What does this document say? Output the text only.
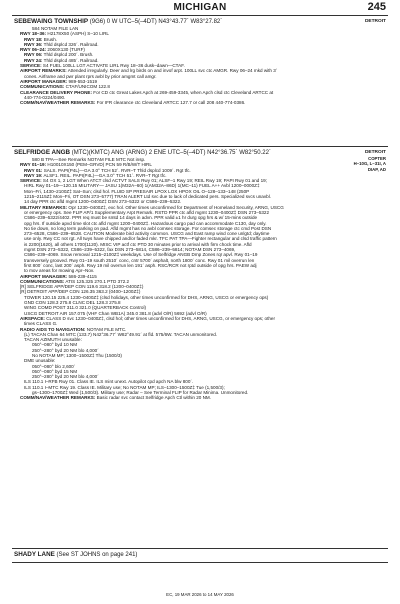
MICHIGAN	245
SEBEWAING TOWNSHIP (9G6) 0 W UTC–5(–4DT) N43°43.77´ W83°27.82´	DETROIT
584 NOTAM FILE LAN
RWY 18–36: H2178X50 (ASPH) S–10 LIRL
RWY 18: Brush.
RWY 36: Thld dsplcd 326´. Railroad.
RWY 06–24: 2060X130 (TURF)
RWY 06: Thld dsplcd 200´. Brush.
RWY 24: Thld dsplcd 485´. Railroad.
SERVICE: S4 FUEL 100LL LGT ACTIVATE LIRL Rwy 18–36 dusk–dawn—CTAF.
AIRPORT REMARKS: Attended irregularly. Deer and lrg birds on and invof arpt. 100LL svc ctc AMGR. Rwy 06–24 mkd with 3´
cones. Airframe and pwr plant rprs avbl by prior amgmt call amgr.
AIRPORT MANAGER: 989-553-1519
COMMUNICATIONS: CTAF/UNICOM 122.8
CLEARANCE DELIVERY PHONE: For CD ctc Great Lakes Apch at 269-459-3345, when Apch clsd ctc Cleveland ARTCC at
440-774-0224/0490.
COMM/NAV/WEATHER REMARKS: For IFR clearance ctc Cleveland ARTCC 127.7 or call 208 440-774-0386.
SELFRIDGE ANGB (MTC)(KMTC) ANG (ARNG) 2 ENE UTC–5(–4DT) N42°36.75´ W82°50.22´	DETROIT
COPTER
H–10G, L–31I, A
DIAP, AD
580 B TPA—See Remarks NOTAM FILE MTC Not insp.
RWY 01–19: H10010X150 (PEM–GRVD) PCN 59 R/B/W/T HIRL
RWY 01: SALS. PAPI(P4L)—GA 3.0° TCH 52´. RVR–T Thld dsplcd 1009´. Rgt tfc.
RWY 19: ALSF1. REIL. PAPI(P4L)—GA 3.0° TCH 51´. RVR–T Rgt tfc.
SERVICE: S4 OX 1, 2 LGT When ATCT clsd ACTVT SALS Rwy 01; ALSF–1 Rwy 19; REIL Rwy 19; PAPI Rwy 01 and 19;
HIRL Rwy 01–19—120.15 MILITARY— JASU 1(M32A–60) 1(AM32A–86D) 1(MC–11) FUEL A++ Avbl 1200–0000Z‡
Mon–Fri, 1430–2100Z‡ Sat–Sun; clsd hol. FLUID SP PRESAIR LPOX LOX HPOX OIL O–128–133–148 (250P
1215–2115Z‡ Mon–Fri, OT DSN 273–5777) TRAN ALERT Ltd svc due to lack of dedicated pers. Specialized svcs unavbl.
14 day PPR ctc afld mgmt 1200–0400Z‡ DSN 273–5322 or C586–239–5322.
MILITARY REMARKS: Opr 1230–0400Z‡, exc hol. Other times unconfirmed for Department of Homeland Security, ARNG, USCG
or emergency ops. See FLIP AP/1 Supplementary Arpt Remark. RSTD PPR ctc afld mgmt 1230–0400Z‡ DSN 273–5322
C586–239–5322/4402. PPR req must be smtd 14 days in advn. PPR valid ±1 hr durg opg hrs & w/ 15-mins outside
opg hrs. If outside apvd time slot ctc afld mgmt 1200–0400Z‡. Hazardous cargo pad can accommodate C130, day only.
No tie down, no long term parking on pad. Afld mgmt has no avbl comsec storage. For comsec storage ctc cmd Post DSN
273–6528, C586–239–6528. CAUTION Moderate bird activity common. USCG and East ramp wind cone unlgtd; daytime
use only. Rwy CC not rgt. All twys have chipped and/or faded mkr. TFC PAT TPA—Fighter rectangular and clsd traffic pattern
is 2200(1620), all others 1700(1120). MISC VIP actf ctc PTD 30 minutes prior to arrival with firm chock time. Afld
mgmt DSN 273–5322, C586–239–5322, fax DSN 273–5814, C586–239–5814; NOTAM DSN 273–4069,
C586–239–4069. Snow removal 1215–2100Z‡ weekdays. Use of Selfridge ANGB Dmp Zones rqr apvl. Rwy 01–19
transversely grooved. Rwy 01–19 south 2510´ conc, cntr 5700´ asphalt, north 1800´ conc. Rwy 01 mil overrun len
first 800´ conc, last 200´ asph. Rwy 19 mil overrun len 191´ asph. RSC/RCR not rptd outside of opg hrs. PAEW adj
to mov areas for mowing Apr–Nov.
AIRPORT MANAGER: 586-239-4115
COMMUNICATIONS: ATIS 125.325 270.1 PTD 372.2
[R] SELFRIDGE APP/DEP CON 119.6 318.2 (1200–0400Z‡)
[R] DETROIT APP/DEP CON 126.35 363.2 (0400–1200Z‡)
TOWER 120.15 225.4 1230–0400Z‡ (clsd holidays, other times unconfirmed for DHS, ARNG, USCG or emergency ops)
GND CON 128.3 275.8 CLNC DEL 128.3 275.8
WING COMD POST 311.0 321.0 (QUARTERBACK Control)
USCG DETROIT AIR 157.075 (VHF Chan WB1A) 345.0 381.8 (advl O/R) 5692 (advl O/R)
AIRSPACE: CLASS D svc 1230–0400Z‡, clsd hol; other times unconfirmed for DHS, ARNG, USCG, or emergency ops; other
times CLASS G.
RADIO AIDS TO NAVIGATION: NOTAM FILE MTC.
(L) TACAN Chan 64 MTC (133.7) N42°36.77´ W82°49.91´ at fld. 575/6W. TACAN unmonitored.
TACAN AZIMUTH unusable:
050°–080° byd 10 NM
250°–280° byd 20 NM blo 4,000´
No NOTAM MP; 1300–1500Z‡ Thu (1500/3)
DME unusable:
050°–080° blo 2,600´
050°–080° byd 15 NM
250°–280° byd 20 NM blo 4,000´
ILS 110.1 I–RFB Rwy 01. Class IE. ILS mint unext. Autopilot cpd apch NA blw 800´.
ILS 110.1 I–MTC Rwy 19. Class IE. Military use; No NOTAM MP; ILS–1300–1500Z‡ Tue (1,500/3);
gs–1300–1700Z‡ Wed (1,500/3). Military use; Radar – See Terminal FLIP for Radar Minima. Unmonitored.
COMM/NAV/WEATHER REMARKS: Basic radar svc contact Selfridge Apch Ctl within 20 NM.
SHADY LANE (See ST JOHNS on page 241)
EC, 19 MAR 2026 to 14 MAY 2026
